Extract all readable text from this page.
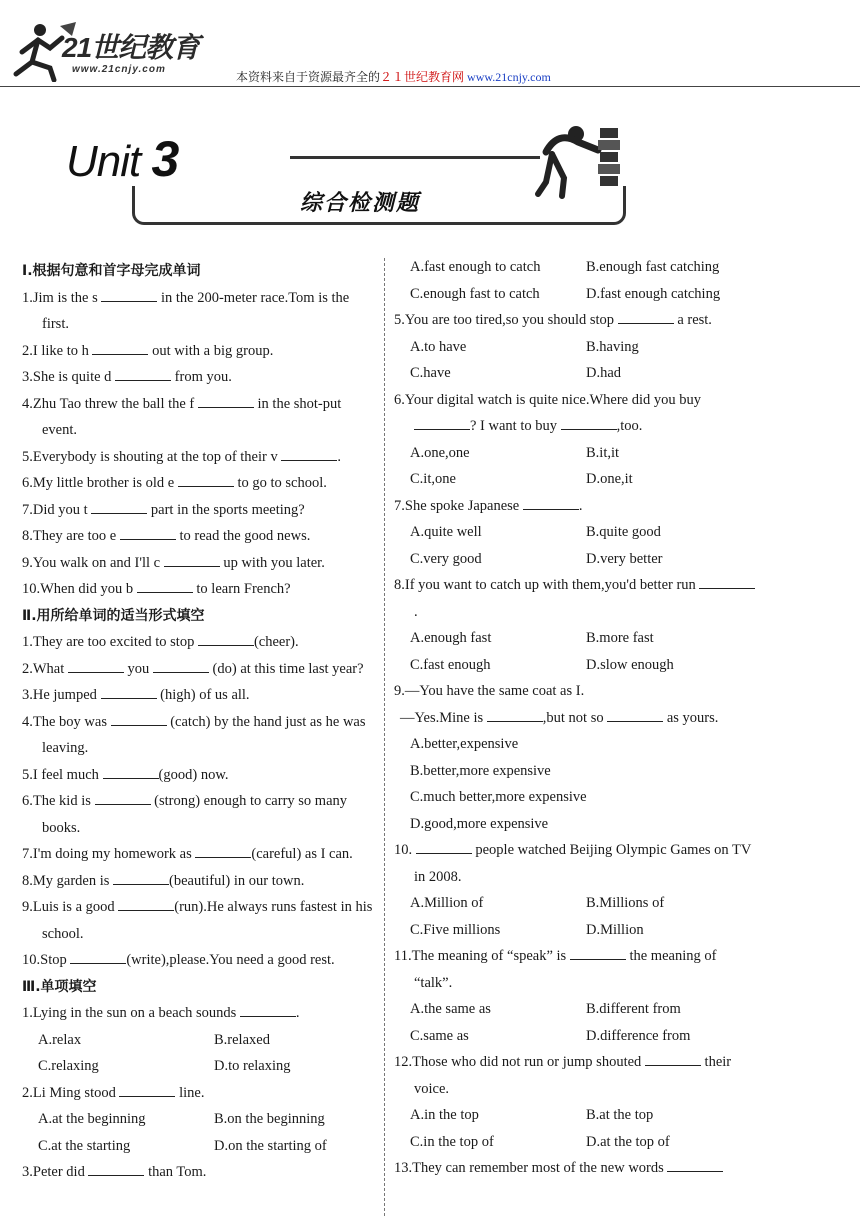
21世纪教育
www.21cnjy.com
本资料来自于资源最齐全的２１世纪教育网 www.21cnjy.com
Unit 3
综合检测题
Ⅰ.根据句意和首字母完成单词
1.Jim is the s	in the 200-meter race.Tom is the first.
2.I like to h	out with a big group.
3.She is quite d	from you.
4.Zhu Tao threw the ball the f	in the shot-put event.
5.Everybody is shouting at the top of their v	.
6.My little brother is old e	to go to school.
7.Did you t	part in the sports meeting?
8.They are too e	to read the good news.
9.You walk on and I'll c	up with you later.
10.When did you b	to learn French?
Ⅱ.用所给单词的适当形式填空
1.They are too excited to stop	(cheer).
2.What	you	(do) at this time last year?
3.He jumped	(high) of us all.
4.The boy was	(catch) by the hand just as he was leaving.
5.I feel much	(good) now.
6.The kid is	(strong) enough to carry so many books.
7.I'm doing my homework as	(careful) as I can.
8.My garden is	(beautiful) in our town.
9.Luis is a good	(run).He always runs fastest in his school.
10.Stop	(write),please.You need a good rest.
Ⅲ.单项填空
1.Lying in the sun on a beach sounds	.
A.relax	B.relaxed
C.relaxing	D.to relaxing
2.Li Ming stood	line.
A.at the beginning	B.on the beginning
C.at the starting	D.on the starting of
3.Peter did	than Tom.
A.fast enough to catch	B.enough fast catching
C.enough fast to catch	D.fast enough catching
5.You are too tired,so you should stop	a rest.
A.to have	B.having
C.have	D.had
6.Your digital watch is quite nice.Where did you buy ? I want to buy	,too.
A.one,one	B.it,it
C.it,one	D.one,it
7.She spoke Japanese	.
A.quite well	B.quite good
C.very good	D.very better
8.If you want to catch up with them,you'd better run .
A.enough fast	B.more fast
C.fast enough	D.slow enough
9.—You have the same coat as I.
—Yes.Mine is	,but not so	as yours.
A.better,expensive
B.better,more expensive
C.much better,more expensive
D.good,more expensive
10.	people watched Beijing Olympic Games on TV in 2008.
A.Million of	B.Millions of
C.Five millions	D.Million
11.The meaning of “speak” is	the meaning of “talk”.
A.the same as	B.different from
C.same as	D.difference from
12.Those who did not run or jump shouted	their voice.
A.in the top	B.at the top
C.in the top of	D.at the top of
13.They can remember most of the new words
